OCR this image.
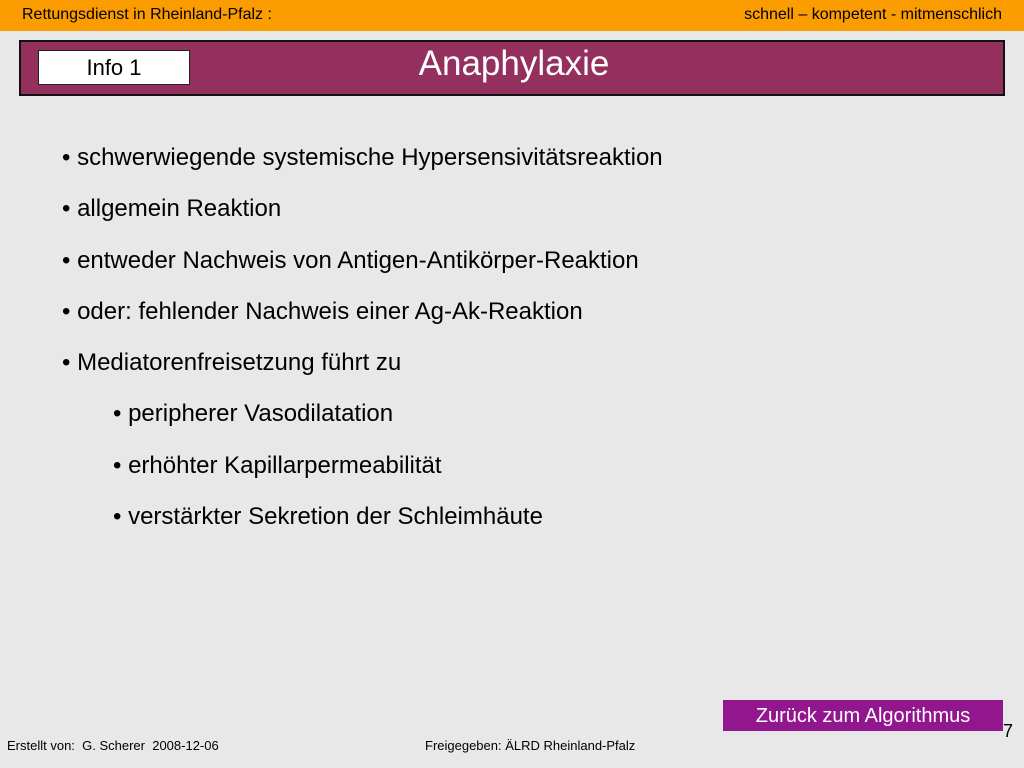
Rettungsdienst in Rheinland-Pfalz :	schnell – kompetent - mitmenschlich
Info 1	Anaphylaxie
• schwerwiegende systemische Hypersensivitätsreaktion
• allgemein Reaktion
• entweder Nachweis von Antigen-Antikörper-Reaktion
• oder: fehlender Nachweis einer Ag-Ak-Reaktion
• Mediatorenfreisetzung führt zu
• peripherer Vasodilatation
• erhöhter Kapillarpermeabilität
• verstärkter Sekretion der Schleimhäute
Zurück zum Algorithmus
7
Erstellt von:  G. Scherer  2008-12-06	Freigegeben: ÄLRD Rheinland-Pfalz
